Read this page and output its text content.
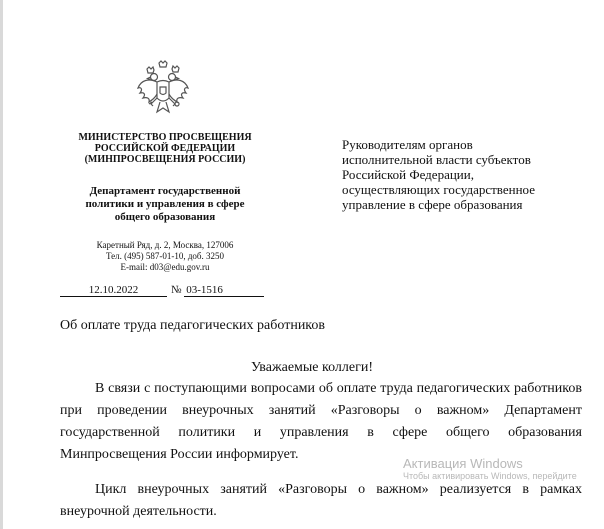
МИНИСТЕРСТВО ПРОСВЕЩЕНИЯ
РОССИЙСКОЙ ФЕДЕРАЦИИ
(МИНПРОСВЕЩЕНИЯ РОССИИ)
Департамент государственной
политики и управления в сфере
общего образования
Каретный Ряд, д. 2, Москва, 127006
Тел. (495) 587-01-10, доб. 3250
E-mail: d03@edu.gov.ru
12.10.2022	№ 03-1516
Руководителям органов
исполнительной власти субъектов
Российской Федерации,
осуществляющих государственное
управление в сфере образования
Об оплате труда педагогических работников
Уважаемые коллеги!
В связи с поступающими вопросами об оплате труда педагогических работников при проведении внеурочных занятий «Разговоры о важном» Департамент государственной политики и управления в сфере общего образования Минпросвещения России информирует.
Цикл внеурочных занятий «Разговоры о важном» реализуется в рамках внеурочной деятельности.
Активация Windows
Чтобы активировать Windows, перейдите
